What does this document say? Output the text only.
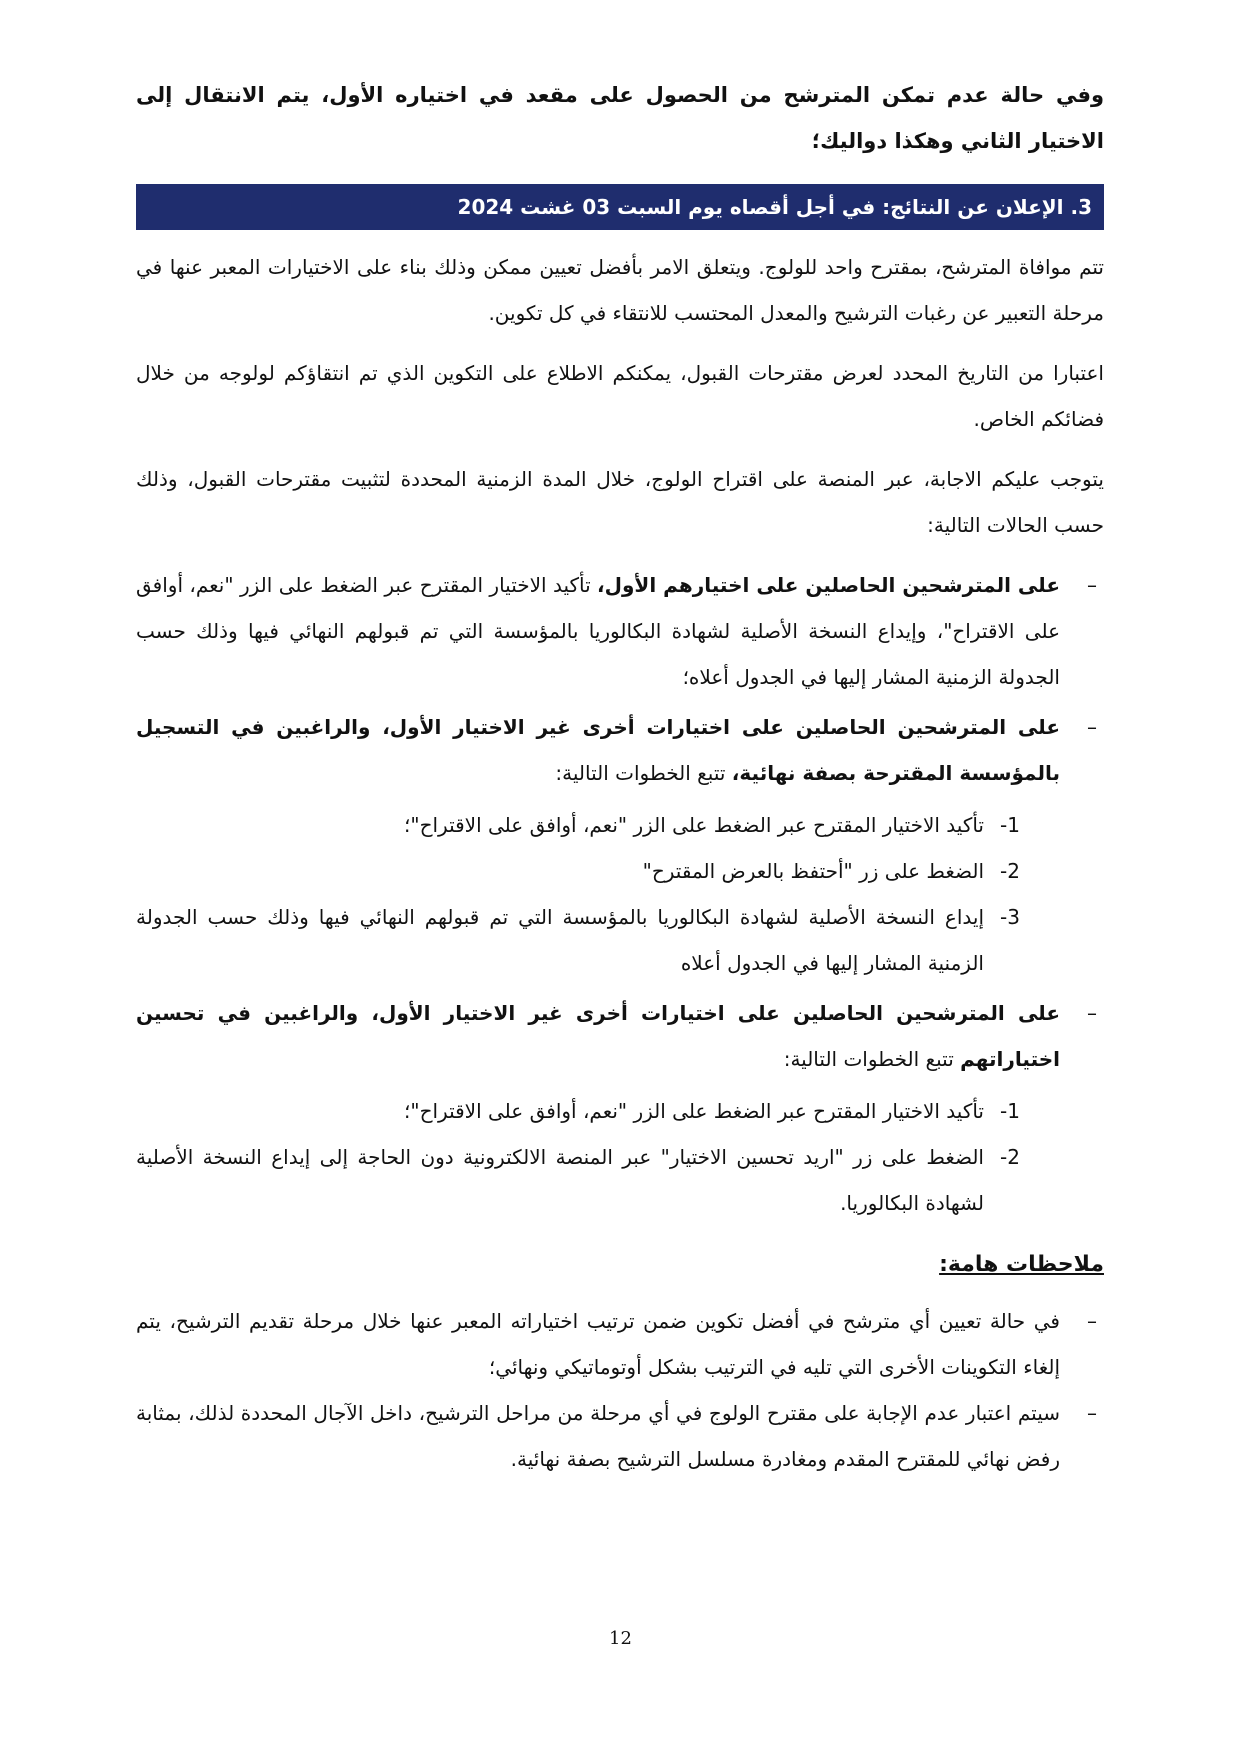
وفي حالة عدم تمكن المترشح من الحصول على مقعد في اختياره الأول، يتم الانتقال إلى الاختيار الثاني وهكذا دواليك؛

3. الإعلان عن النتائج: في أجل أقصاه يوم السبت 03 غشت 2024

تتم موافاة المترشح، بمقترح واحد للولوج. ويتعلق الامر بأفضل تعيين ممكن وذلك بناء على الاختيارات المعبر عنها في مرحلة التعبير عن رغبات الترشيح والمعدل المحتسب للانتقاء في كل تكوين.

اعتبارا من التاريخ المحدد لعرض مقترحات القبول، يمكنكم الاطلاع على التكوين الذي تم انتقاؤكم لولوجه من خلال فضائكم الخاص.

يتوجب عليكم الاجابة، عبر المنصة على اقتراح الولوج، خلال المدة الزمنية المحددة لتثبيت مقترحات القبول، وذلك حسب الحالات التالية:

–
على المترشحين الحاصلين على اختيارهم الأول، تأكيد الاختيار المقترح عبر الضغط على الزر "نعم، أوافق على الاقتراح"، وإيداع النسخة الأصلية لشهادة البكالوريا بالمؤسسة التي تم قبولهم النهائي فيها وذلك حسب الجدولة الزمنية المشار إليها في الجدول أعلاه؛
–
على المترشحين الحاصلين على اختيارات أخرى غير الاختيار الأول، والراغبين في التسجيل بالمؤسسة المقترحة بصفة نهائية، تتبع الخطوات التالية:
1-
تأكيد الاختيار المقترح عبر الضغط على الزر "نعم، أوافق على الاقتراح"؛
2-
الضغط على زر "أحتفظ بالعرض المقترح"
3-
إيداع النسخة الأصلية لشهادة البكالوريا بالمؤسسة التي تم قبولهم النهائي فيها وذلك حسب الجدولة الزمنية المشار إليها في الجدول أعلاه
–
على المترشحين الحاصلين على اختيارات أخرى غير الاختيار الأول، والراغبين في تحسين اختياراتهم تتبع الخطوات التالية:
1-
تأكيد الاختيار المقترح عبر الضغط على الزر "نعم، أوافق على الاقتراح"؛
2-
الضغط على زر "اريد تحسين الاختيار" عبر المنصة الالكترونية دون الحاجة إلى إيداع النسخة الأصلية لشهادة البكالوريا.
ملاحظات هامة:
–
في حالة تعيين أي مترشح في أفضل تكوين ضمن ترتيب اختياراته المعبر عنها خلال مرحلة تقديم الترشيح، يتم إلغاء التكوينات الأخرى التي تليه في الترتيب بشكل أوتوماتيكي ونهائي؛
–
سيتم اعتبار عدم الإجابة على مقترح الولوج في أي مرحلة من مراحل الترشيح، داخل الآجال المحددة لذلك، بمثابة رفض نهائي للمقترح المقدم ومغادرة مسلسل الترشيح بصفة نهائية.
12
